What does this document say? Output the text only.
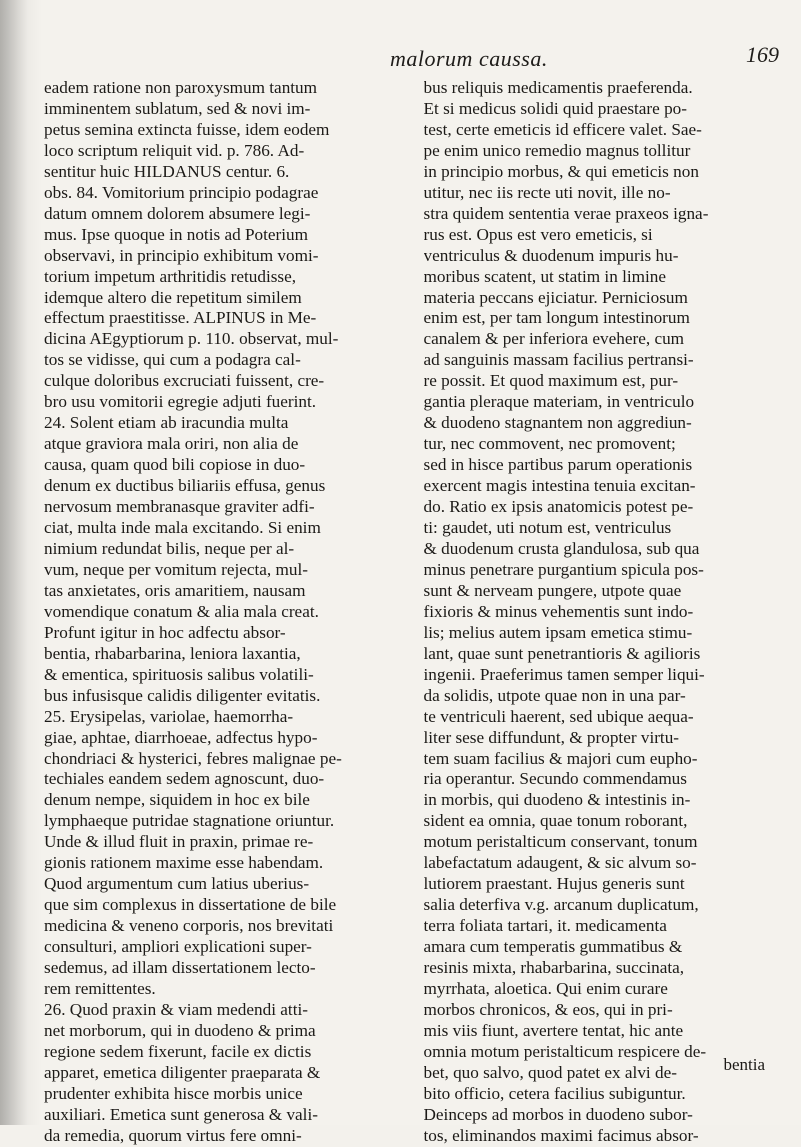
malorum caussa.	169
eadem ratione non paroxysmum tantum
imminentem sublatum, sed & novi im-
petus semina extincta fuisse, idem eodem
loco scriptum reliquit vid. p. 786. Ad-
sentitur huic HILDANUS centur. 6.
obs. 84. Vomitorium principio podagrae
datum omnem dolorem absumere legi-
mus. Ipse quoque in notis ad Poterium
observavi, in principio exhibitum vomi-
torium impetum arthritidis retudisse,
idemque altero die repetitum similem
effectum praestitisse. ALPINUS in Me-
dicina AEgyptiorum p. 110. observat, mul-
tos se vidisse, qui cum a podagra cal-
culque doloribus excruciati fuissent, cre-
bro usu vomitorii egregie adjuti fuerint.
24. Solent etiam ab iracundia multa
atque graviora mala oriri, non alia de
causa, quam quod bili copiose in duo-
denum ex ductibus biliariis effusa, genus
nervosum membranasque graviter adfi-
ciat, multa inde mala excitando. Si enim
nimium redundat bilis, neque per al-
vum, neque per vomitum rejecta, mul-
tas anxietates, oris amaritiem, nausam
vomendique conatum & alia mala creat.
Profunt igitur in hoc adfectu absor-
bentia, rhabarbarina, leniora laxantia,
& ementica, spirituosis salibus volatili-
bus infusisque calidis diligenter evitatis.
25. Erysipelas, variolae, haemorrha-
giae, aphtae, diarrhoeae, adfectus hypo-
chondriaci & hysterici, febres malignae pe-
techiales eandem sedem agnoscunt, duo-
denum nempe, siquidem in hoc ex bile
lymphaeque putridae stagnatione oriuntur.
Unde & illud fluit in praxin, primae re-
gionis rationem maxime esse habendam.
Quod argumentum cum latius uberius-
que sim complexus in dissertatione de bile
medicina & veneno corporis, nos brevitati
consulturi, ampliori explicationi super-
sedemus, ad illam dissertationem lecto-
rem remittentes.
26. Quod praxin & viam medendi atti-
net morborum, qui in duodeno & prima
regione sedem fixerunt, facile ex dictis
apparet, emetica diligenter praeparata &
prudenter exhibita hisce morbis unice
auxiliari. Emetica sunt generosa & vali-
da remedia, quorum virtus fere omni-
bus reliquis medicamentis praeferenda.
Et si medicus solidi quid praestare po-
test, certe emeticis id efficere valet. Sae-
pe enim unico remedio magnus tollitur
in principio morbus, & qui emeticis non
utitur, nec iis recte uti novit, ille no-
stra quidem sententia verae praxeos igna-
rus est. Opus est vero emeticis, si
ventriculus & duodenum impuris hu-
moribus scatent, ut statim in limine
materia peccans ejiciatur. Perniciosum
enim est, per tam longum intestinorum
canalem & per inferiora evehere, cum
ad sanguinis massam facilius pertransi-
re possit. Et quod maximum est, pur-
gantia pleraque materiam, in ventriculo
& duodeno stagnantem non aggrediun-
tur, nec commovent, nec promovent;
sed in hisce partibus parum operationis
exercent magis intestina tenuia excitan-
do. Ratio ex ipsis anatomicis potest pe-
ti: gaudet, uti notum est, ventriculus
& duodenum crusta glandulosa, sub qua
minus penetrare purgantium spicula pos-
sunt & nerveam pungere, utpote quae
fixioris & minus vehementis sunt indo-
lis; melius autem ipsam emetica stimu-
lant, quae sunt penetrantioris & agilioris
ingenii. Praeferimus tamen semper liqui-
da solidis, utpote quae non in una par-
te ventriculi haerent, sed ubique aequa-
liter sese diffundunt, & propter virtu-
tem suam facilius & majori cum eupho-
ria operantur. Secundo commendamus
in morbis, qui duodeno & intestinis in-
sident ea omnia, quae tonum roborant,
motum peristalticum conservant, tonum
labefactatum adaugent, & sic alvum so-
lutiorem praestant. Hujus generis sunt
salia deterfiva v.g. arcanum duplicatum,
terra foliata tartari, it. medicamenta
amara cum temperatis gummatibus &
resinis mixta, rhabarbarina, succinata,
myrrhata, aloetica. Qui enim curare
morbos chronicos, & eos, qui in pri-
mis viis fiunt, avertere tentat, hic ante
omnia motum peristalticum respicere de-
bet, quo salvo, quod patet ex alvi de-
bito officio, cetera facilius subiguntur.
Deinceps ad morbos in duodeno subor-
tos, eliminandos maximi facimus absor-
bentia
